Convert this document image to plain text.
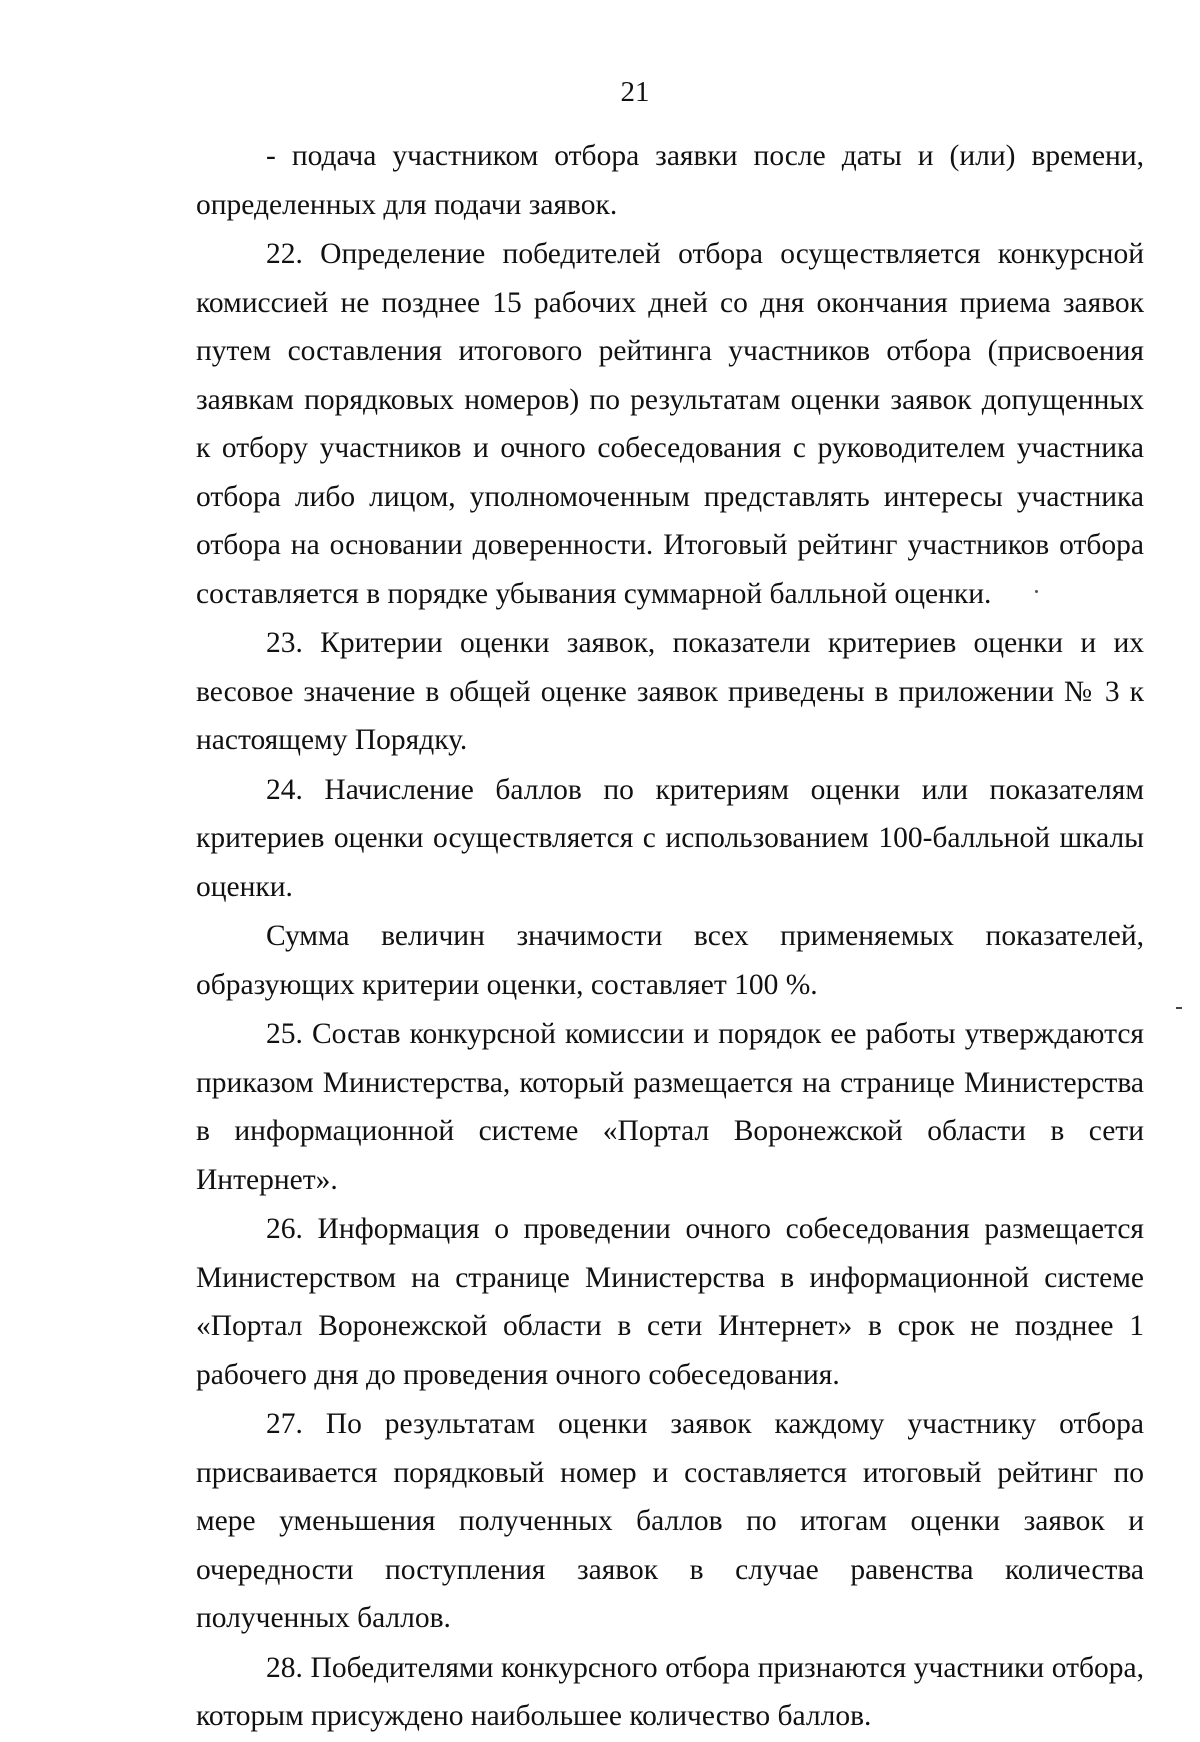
21

- подача участником отбора заявки после даты и (или) времени, определенных для подачи заявок.

22. Определение победителей отбора осуществляется конкурсной комиссией не позднее 15 рабочих дней со дня окончания приема заявок путем составления итогового рейтинга участников отбора (присвоения заявкам порядковых номеров) по результатам оценки заявок допущенных к отбору участников и очного собеседования с руководителем участника отбора либо лицом, уполномоченным представлять интересы участника отбора на основании доверенности. Итоговый рейтинг участников отбора составляется в порядке убывания суммарной балльной оценки.

23. Критерии оценки заявок, показатели критериев оценки и их весовое значение в общей оценке заявок приведены в приложении № 3 к настоящему Порядку.

24. Начисление баллов по критериям оценки или показателям критериев оценки осуществляется с использованием 100-балльной шкалы оценки.

Сумма величин значимости всех применяемых показателей, образующих критерии оценки, составляет 100 %.

25. Состав конкурсной комиссии и порядок ее работы утверждаются приказом Министерства, который размещается на странице Министерства в информационной системе «Портал Воронежской области в сети Интернет».

26. Информация о проведении очного собеседования размещается Министерством на странице Министерства в информационной системе «Портал Воронежской области в сети Интернет» в срок не позднее 1 рабочего дня до проведения очного собеседования.

27. По результатам оценки заявок каждому участнику отбора присваивается порядковый номер и составляется итоговый рейтинг по мере уменьшения полученных баллов по итогам оценки заявок и очередности поступления заявок в случае равенства количества полученных баллов.

28. Победителями конкурсного отбора признаются участники отбора, которым присуждено наибольшее количество баллов.
